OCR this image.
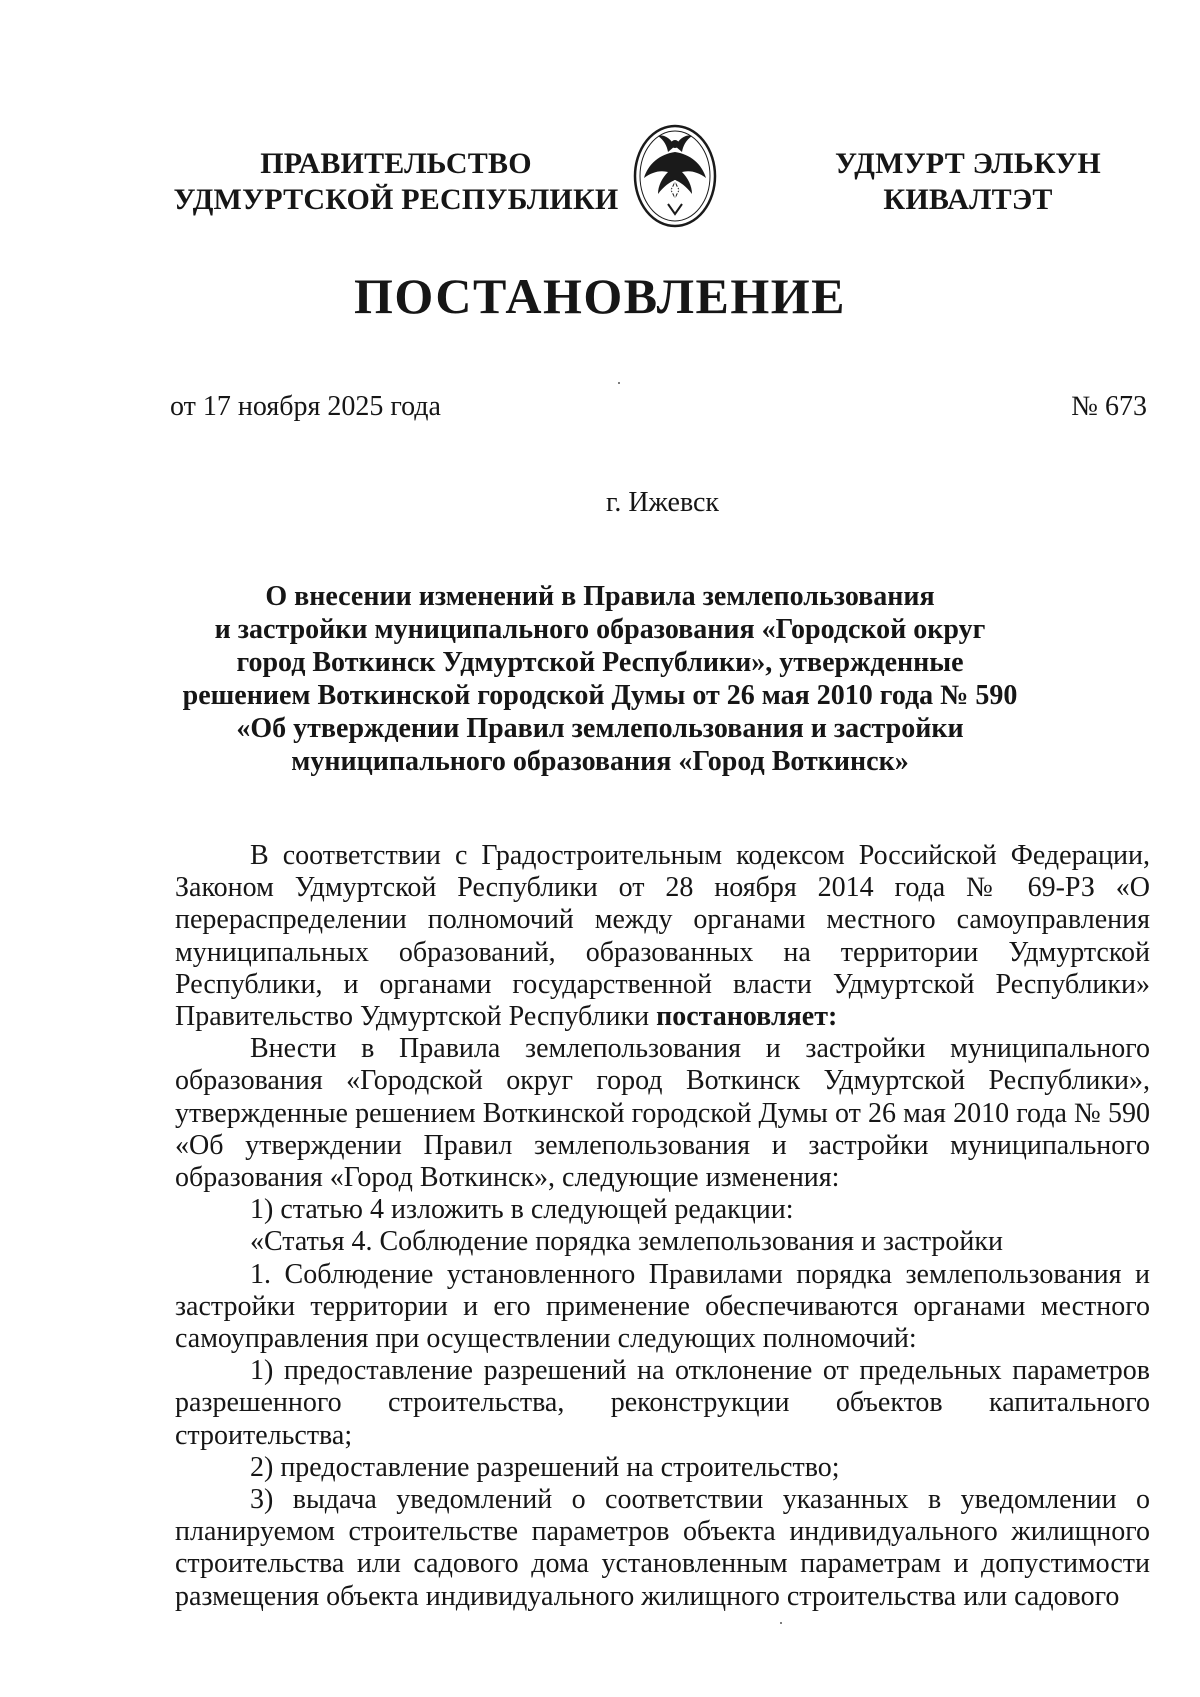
ПРАВИТЕЛЬСТВО
УДМУРТСКОЙ РЕСПУБЛИКИ
УДМУРТ ЭЛЬКУН
КИВАЛТЭТ
ПОСТАНОВЛЕНИЕ
от 17 ноября 2025 года	№ 673
г. Ижевск
О внесении изменений в Правила землепользования
и застройки муниципального образования «Городской округ
город Воткинск Удмуртской Республики», утвержденные
решением Воткинской городской Думы от 26 мая 2010 года № 590
«Об утверждении Правил землепользования и застройки
муниципального образования «Город Воткинск»

В соответствии с Градостроительным кодексом Российской Федерации, Законом Удмуртской Республики от 28 ноября 2014 года № 69-РЗ «О перераспределении полномочий между органами местного самоуправления муниципальных образований, образованных на территории Удмуртской Республики, и органами государственной власти Удмуртской Республики» Правительство Удмуртской Республики постановляет:

Внести в Правила землепользования и застройки муниципального образования «Городской округ город Воткинск Удмуртской Республики», утвержденные решением Воткинской городской Думы от 26 мая 2010 года № 590 «Об утверждении Правил землепользования и застройки муниципального образования «Город Воткинск», следующие изменения:

1) статью 4 изложить в следующей редакции:

«Статья 4. Соблюдение порядка землепользования и застройки

1. Соблюдение установленного Правилами порядка землепользования и застройки территории и его применение обеспечиваются органами местного самоуправления при осуществлении следующих полномочий:

1) предоставление разрешений на отклонение от предельных параметров разрешенного строительства, реконструкции объектов капитального строительства;

2) предоставление разрешений на строительство;

3) выдача уведомлений о соответствии указанных в уведомлении о планируемом строительстве параметров объекта индивидуального жилищного строительства или садового дома установленным параметрам и допустимости размещения объекта индивидуального жилищного строительства или садового
